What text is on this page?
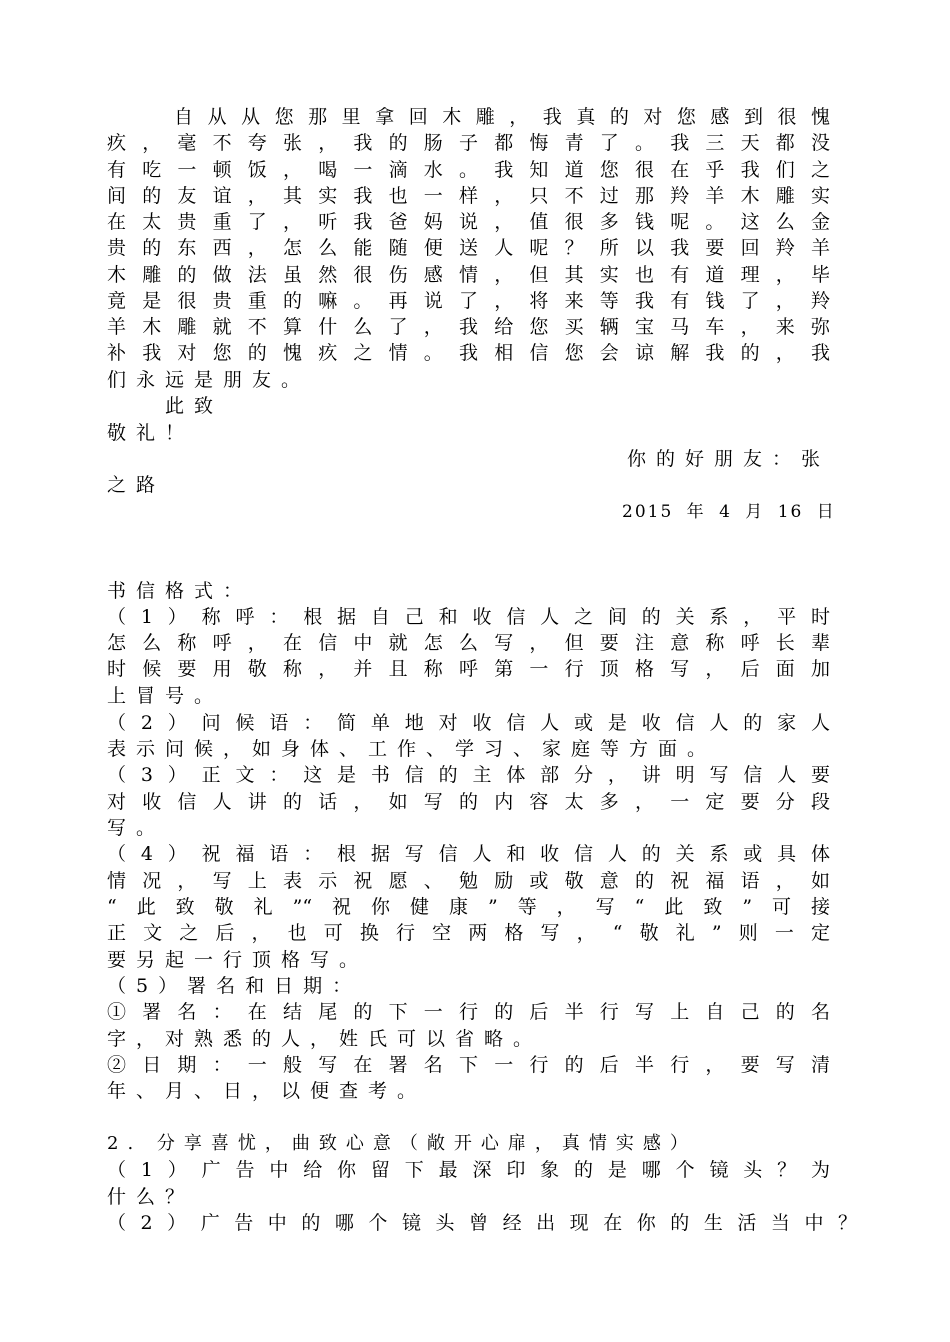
　　自从从您那里拿回木雕，我真的对您感到很愧
疚，毫不夸张，我的肠子都悔青了。我三天都没
有吃一顿饭，喝一滴水。我知道您很在乎我们之
间的友谊，其实我也一样，只不过那羚羊木雕实
在太贵重了，听我爸妈说，值很多钱呢。这么金
贵的东西，怎么能随便送人呢？所以我要回羚羊
木雕的做法虽然很伤感情，但其实也有道理，毕
竟是很贵重的嘛。再说了，将来等我有钱了，羚
羊木雕就不算什么了，我给您买辆宝马车，来弥
补我对您的愧疚之情。我相信您会谅解我的，我
们永远是朋友。
　　此致
敬礼！
你的好朋友：张
之路
2015 年 4 月 16 日
书信格式：
（1）称呼：根据自己和收信人之间的关系，平时
怎么称呼，在信中就怎么写，但要注意称呼长辈
时候要用敬称，并且称呼第一行顶格写，后面加
上冒号。
（2）问候语：简单地对收信人或是收信人的家人
表示问候，如身体、工作、学习、家庭等方面。
（3）正文：这是书信的主体部分，讲明写信人要
对收信人讲的话，如写的内容太多，一定要分段
写。
（4）祝福语：根据写信人和收信人的关系或具体
情况，写上表示祝愿、勉励或敬意的祝福语，如
“此致敬礼”“祝你健康”等，写“此致”可接
正文之后，也可换行空两格写，“敬礼”则一定
要另起一行顶格写。
（5）署名和日期：
①署名：在结尾的下一行的后半行写上自己的名
字，对熟悉的人，姓氏可以省略。
②日期：一般写在署名下一行的后半行，要写清
年、月、日，以便查考。
2. 分享喜忧，曲致心意（敞开心扉，真情实感）
（1）广告中给你留下最深印象的是哪个镜头？为
什么？
（2）广告中的哪个镜头曾经出现在你的生活当中？
